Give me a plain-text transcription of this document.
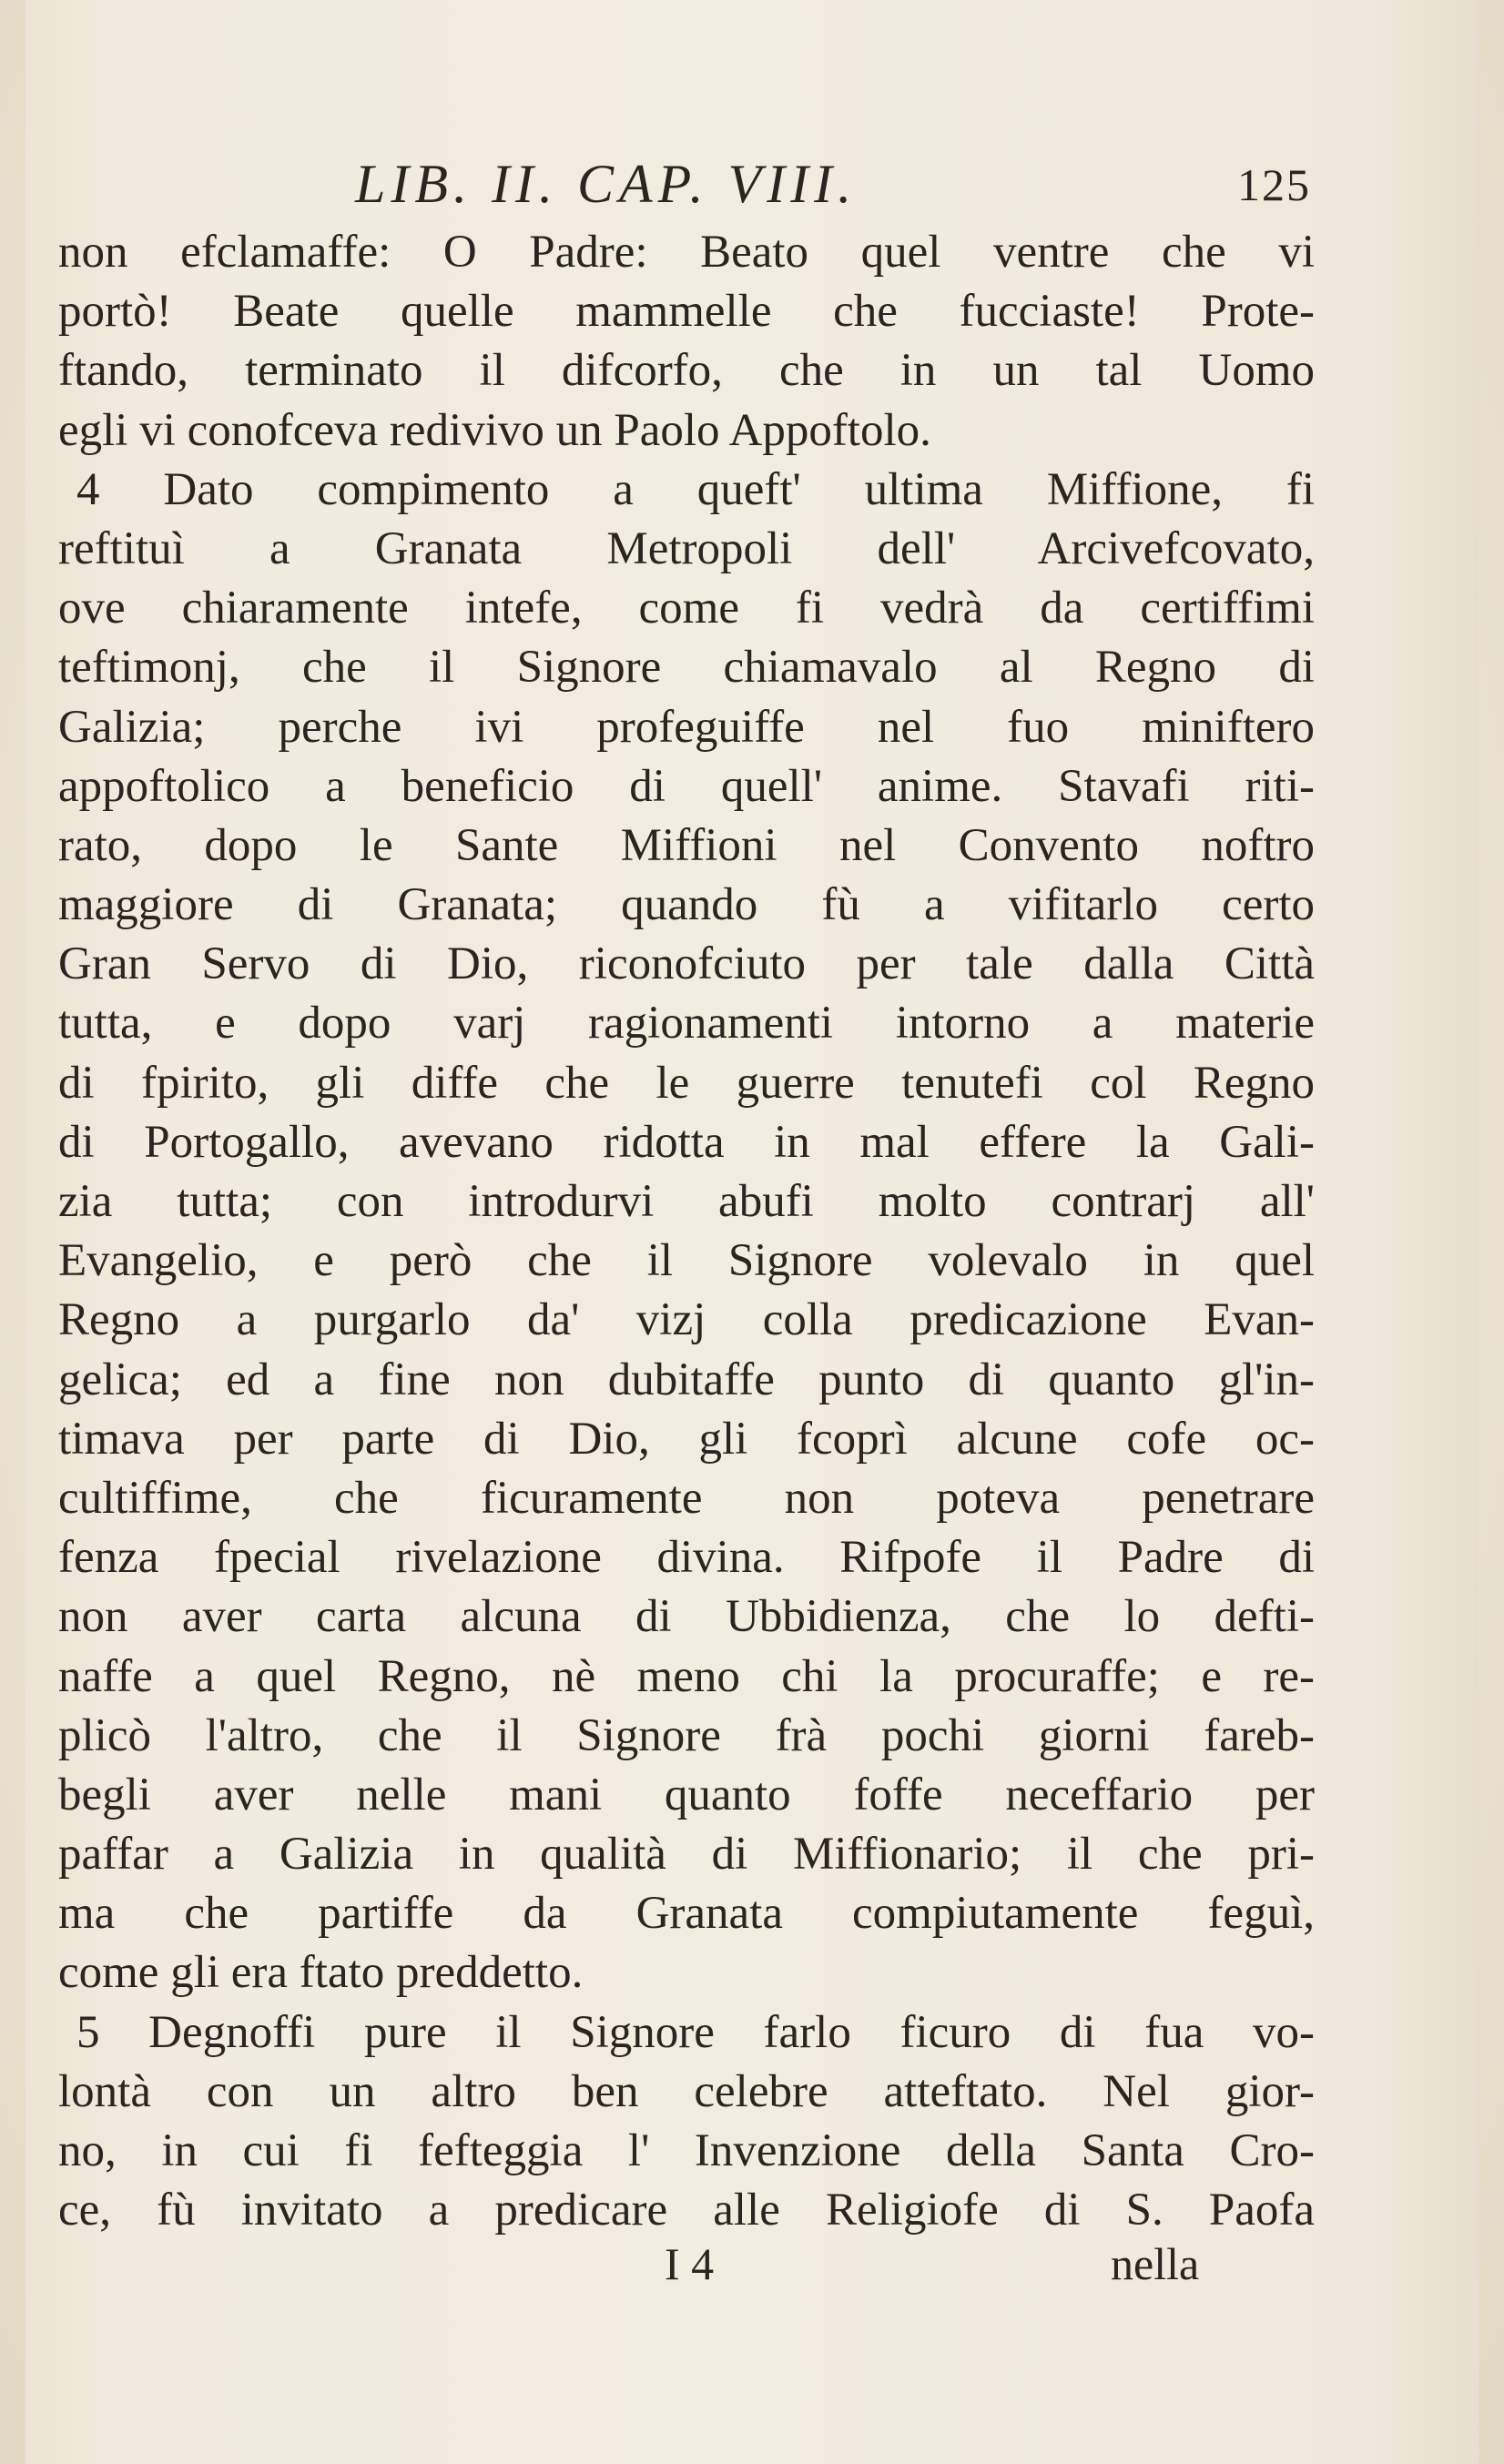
LIB. II. CAP. VIII.	125
non efclamaffe: O Padre: Beato quel ventre che vi
portò! Beate quelle mammelle che fucciaste! Prote-
ftando, terminato il difcorfo, che in un tal Uomo
egli vi conofceva redivivo un Paolo Appoftolo.
4 Dato compimento a queft' ultima Miffione, fi
reftituì a Granata Metropoli dell' Arcivefcovato,
ove chiaramente intefe, come fi vedrà da certiffimi
teftimonj, che il Signore chiamavalo al Regno di
Galizia; perche ivi profeguiffe nel fuo miniftero
appoftolico a beneficio di quell' anime. Stavafi riti-
rato, dopo le Sante Miffioni nel Convento noftro
maggiore di Granata; quando fù a vifitarlo certo
Gran Servo di Dio, riconofciuto per tale dalla Città
tutta, e dopo varj ragionamenti intorno a materie
di fpirito, gli diffe che le guerre tenutefi col Regno
di Portogallo, avevano ridotta in mal effere la Gali-
zia tutta; con introdurvi abufi molto contrarj all'
Evangelio, e però che il Signore volevalo in quel
Regno a purgarlo da' vizj colla predicazione Evan-
gelica; ed a fine non dubitaffe punto di quanto gl'in-
timava per parte di Dio, gli fcoprì alcune cofe oc-
cultiffime, che ficuramente non poteva penetrare
fenza fpecial rivelazione divina. Rifpofe il Padre di
non aver carta alcuna di Ubbidienza, che lo defti-
naffe a quel Regno, nè meno chi la procuraffe; e re-
plicò l'altro, che il Signore frà pochi giorni fareb-
begli aver nelle mani quanto foffe neceffario per
paffar a Galizia in qualità di Miffionario; il che pri-
ma che partiffe da Granata compiutamente feguì,
come gli era ftato preddetto.
5 Degnoffi pure il Signore farlo ficuro di fua vo-
lontà con un altro ben celebre atteftato. Nel gior-
no, in cui fi fefteggia l' Invenzione della Santa Cro-
ce, fù invitato a predicare alle Religiofe di S. Paofa
I 4	nella
